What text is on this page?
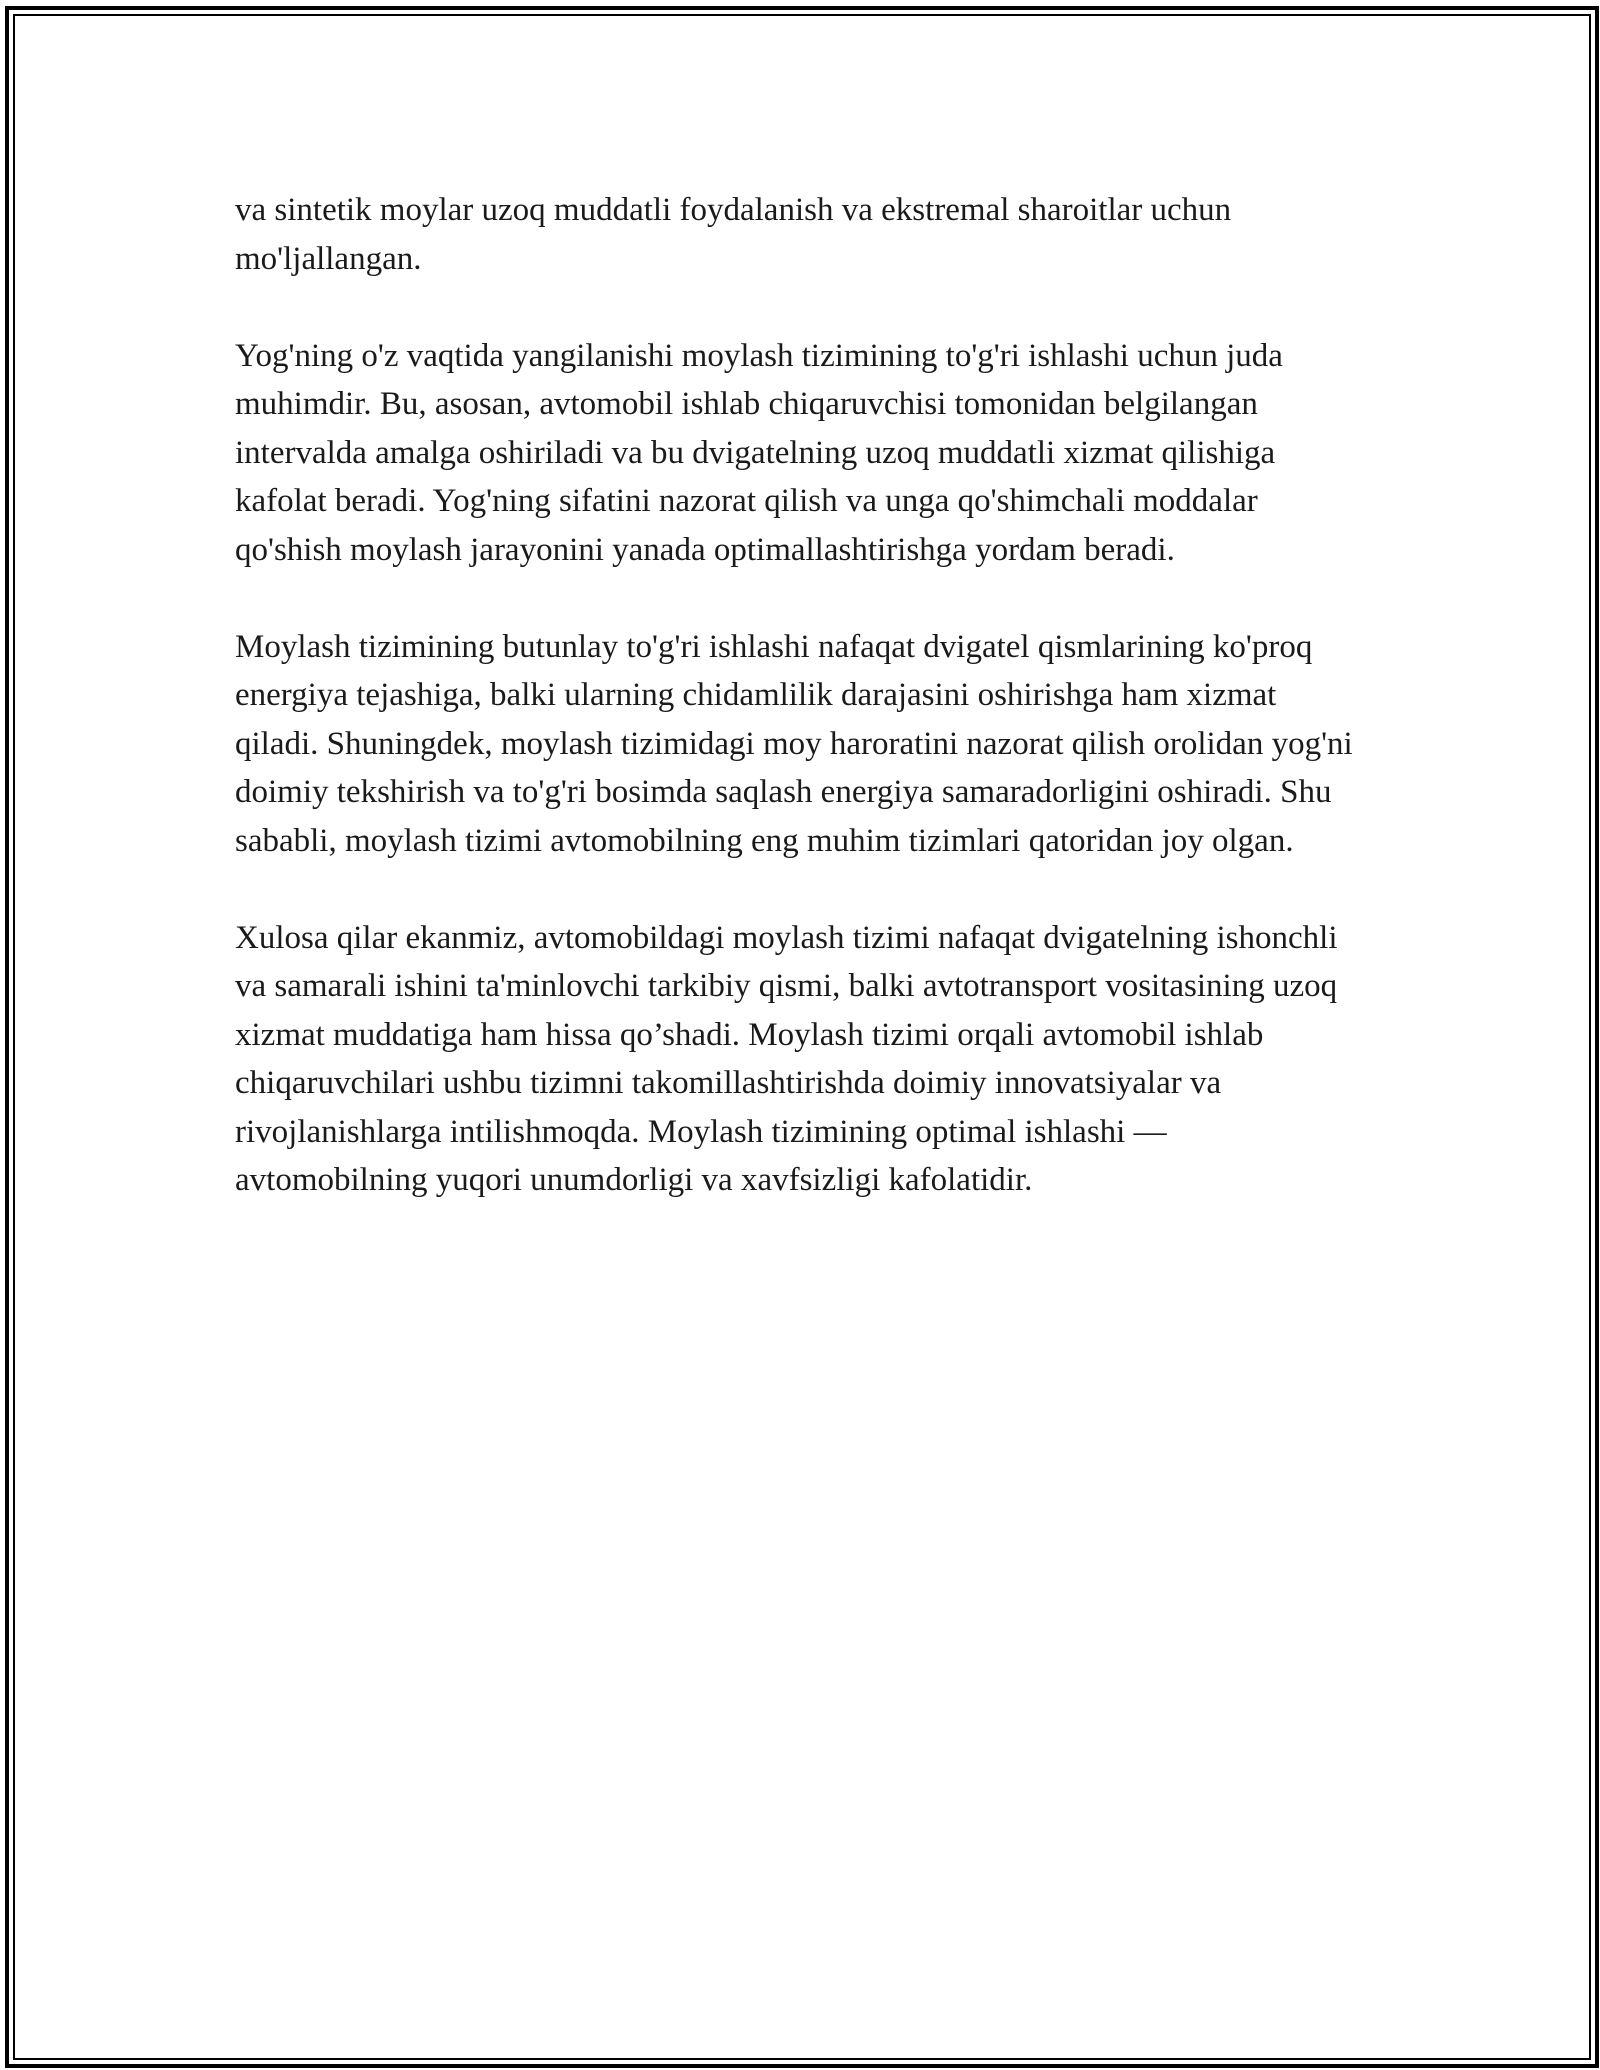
va sintetik moylar uzoq muddatli foydalanish va ekstremal sharoitlar uchun mo'ljallangan.

Yog'ning o'z vaqtida yangilanishi moylash tizimining to'g'ri ishlashi uchun juda muhimdir. Bu, asosan, avtomobil ishlab chiqaruvchisi tomonidan belgilangan intervalda amalga oshiriladi va bu dvigatelning uzoq muddatli xizmat qilishiga kafolat beradi. Yog'ning sifatini nazorat qilish va unga qo'shimchali moddalar qo'shish moylash jarayonini yanada optimallashtirishga yordam beradi.

Moylash tizimining butunlay to'g'ri ishlashi nafaqat dvigatel qismlarining ko'proq energiya tejashiga, balki ularning chidamlilik darajasini oshirishga ham xizmat qiladi. Shuningdek, moylash tizimidagi moy haroratini nazorat qilish orolidan yog'ni doimiy tekshirish va to'g'ri bosimda saqlash energiya samaradorligini oshiradi. Shu sababli, moylash tizimi avtomobilning eng muhim tizimlari qatoridan joy olgan.

Xulosa qilar ekanmiz, avtomobildagi moylash tizimi nafaqat dvigatelning ishonchli va samarali ishini ta'minlovchi tarkibiy qismi, balki avtotransport vositasining uzoq xizmat muddatiga ham hissa qo’shadi. Moylash tizimi orqali avtomobil ishlab chiqaruvchilari ushbu tizimni takomillashtirishda doimiy innovatsiyalar va rivojlanishlarga intilishmoqda. Moylash tizimining optimal ishlashi — avtomobilning yuqori unumdorligi va xavfsizligi kafolatidir.
